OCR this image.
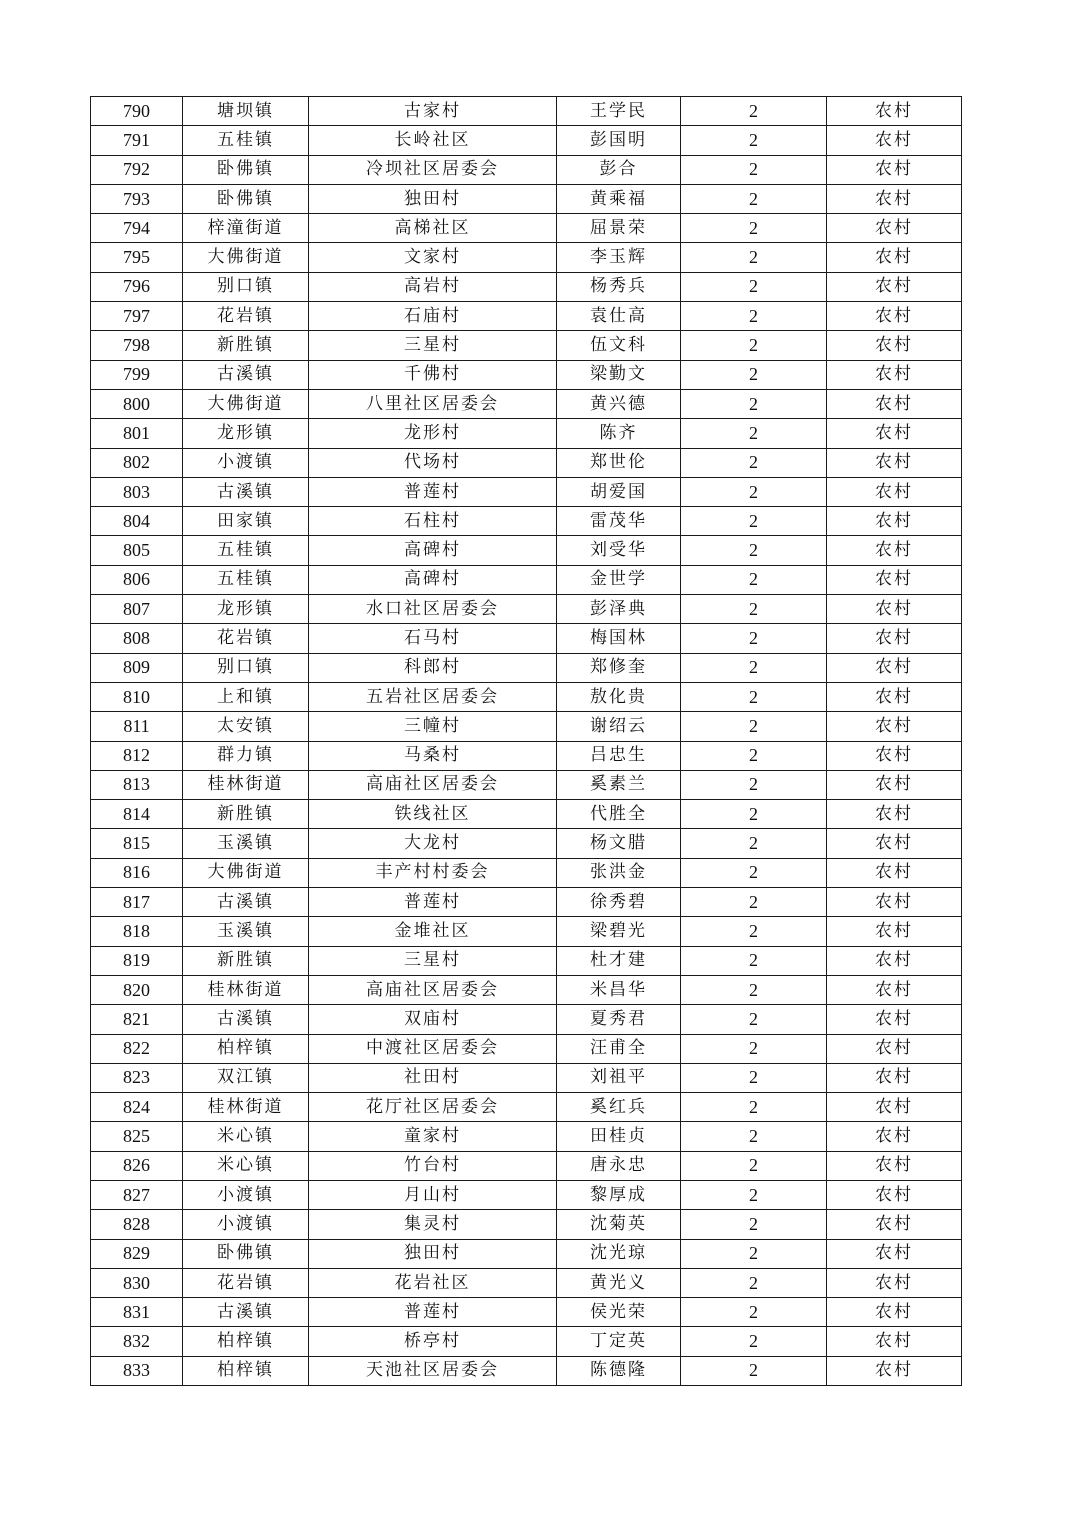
790	塘坝镇	古家村	王学民	2	农村
791	五桂镇	长岭社区	彭国明	2	农村
792	卧佛镇	冷坝社区居委会	彭合	2	农村
793	卧佛镇	独田村	黄乘福	2	农村
794	梓潼街道	高梯社区	屈景荣	2	农村
795	大佛街道	文家村	李玉辉	2	农村
796	别口镇	高岩村	杨秀兵	2	农村
797	花岩镇	石庙村	袁仕高	2	农村
798	新胜镇	三星村	伍文科	2	农村
799	古溪镇	千佛村	梁勤文	2	农村
800	大佛街道	八里社区居委会	黄兴德	2	农村
801	龙形镇	龙形村	陈齐	2	农村
802	小渡镇	代场村	郑世伦	2	农村
803	古溪镇	普莲村	胡爱国	2	农村
804	田家镇	石柱村	雷茂华	2	农村
805	五桂镇	高碑村	刘受华	2	农村
806	五桂镇	高碑村	金世学	2	农村
807	龙形镇	水口社区居委会	彭泽典	2	农村
808	花岩镇	石马村	梅国林	2	农村
809	别口镇	科郎村	郑修奎	2	农村
810	上和镇	五岩社区居委会	敖化贵	2	农村
811	太安镇	三幢村	谢绍云	2	农村
812	群力镇	马桑村	吕忠生	2	农村
813	桂林街道	高庙社区居委会	奚素兰	2	农村
814	新胜镇	铁线社区	代胜全	2	农村
815	玉溪镇	大龙村	杨文腊	2	农村
816	大佛街道	丰产村村委会	张洪金	2	农村
817	古溪镇	普莲村	徐秀碧	2	农村
818	玉溪镇	金堆社区	梁碧光	2	农村
819	新胜镇	三星村	杜才建	2	农村
820	桂林街道	高庙社区居委会	米昌华	2	农村
821	古溪镇	双庙村	夏秀君	2	农村
822	柏梓镇	中渡社区居委会	汪甫全	2	农村
823	双江镇	社田村	刘祖平	2	农村
824	桂林街道	花厅社区居委会	奚红兵	2	农村
825	米心镇	童家村	田桂贞	2	农村
826	米心镇	竹台村	唐永忠	2	农村
827	小渡镇	月山村	黎厚成	2	农村
828	小渡镇	集灵村	沈菊英	2	农村
829	卧佛镇	独田村	沈光琼	2	农村
830	花岩镇	花岩社区	黄光义	2	农村
831	古溪镇	普莲村	侯光荣	2	农村
832	柏梓镇	桥亭村	丁定英	2	农村
833	柏梓镇	天池社区居委会	陈德隆	2	农村
